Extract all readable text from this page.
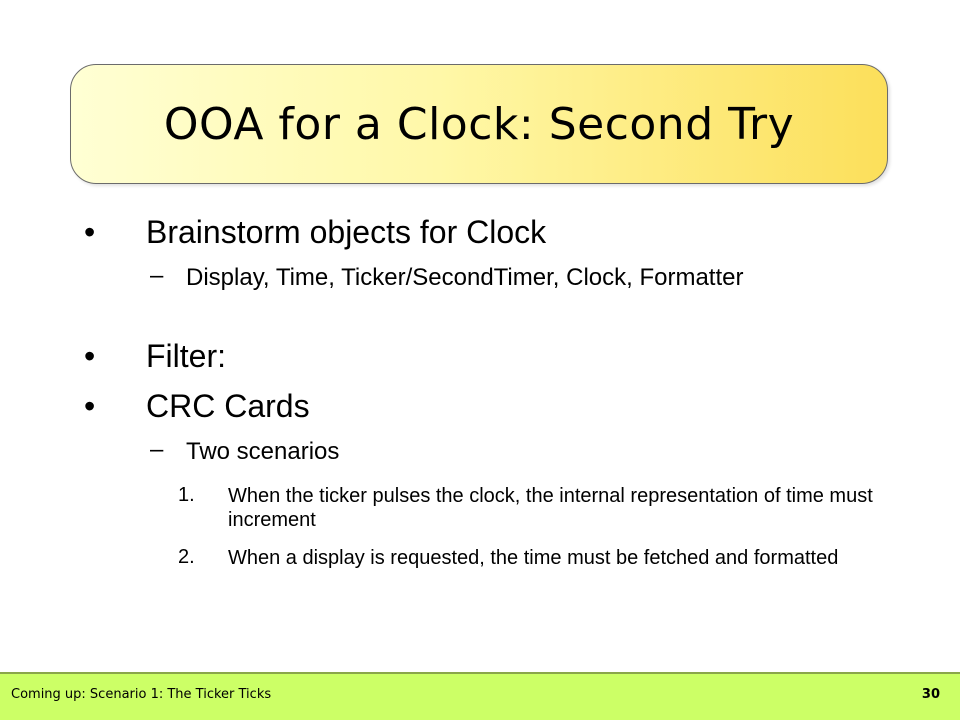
OOA for a Clock: Second Try
• Brainstorm objects for Clock
– Display, Time, Ticker/SecondTimer, Clock, Formatter
• Filter:
• CRC Cards
– Two scenarios
1. When the ticker pulses the clock, the internal representation of time must increment
2. When a display is requested, the time must be fetched and formatted
Coming up: Scenario 1: The Ticker Ticks	30
